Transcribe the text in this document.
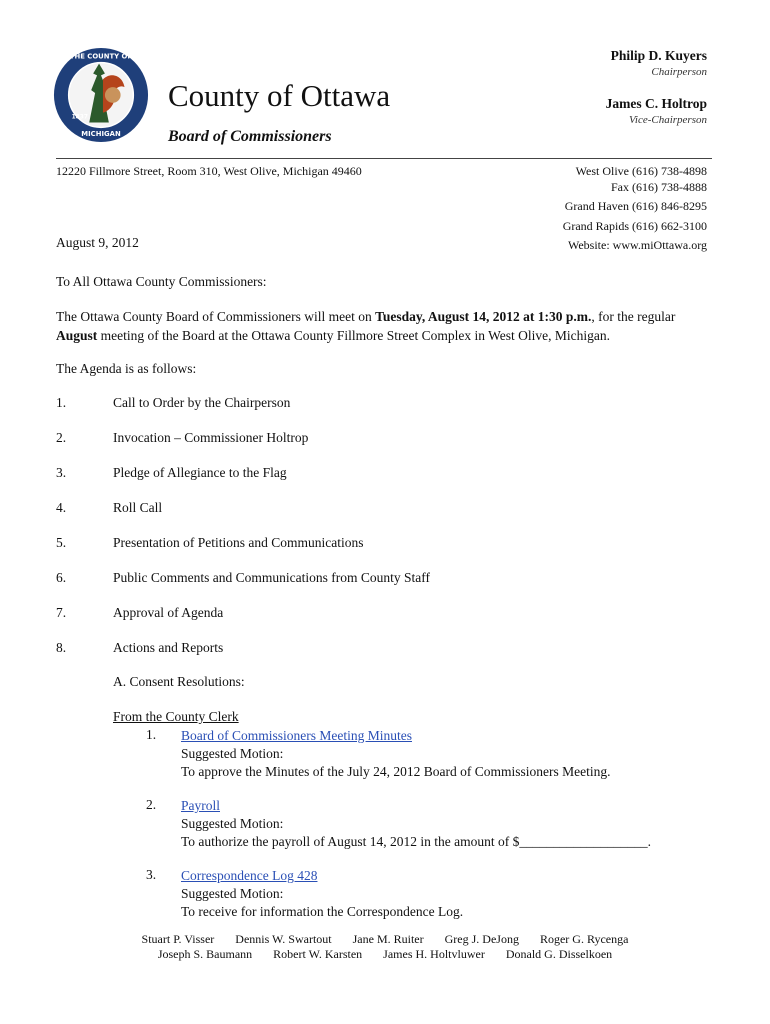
SEAL OF THE COUNTY OF OTTAWA
1837
MICHIGAN
County of Ottawa
Board of Commissioners
Philip D. Kuyers
Chairperson
James C. Holtrop
Vice-Chairperson
12220 Fillmore Street, Room 310, West Olive, Michigan 49460	West Olive (616) 738-4898
Fax (616) 738-4888
Grand Haven (616) 846-8295
Grand Rapids (616) 662-3100
Website: www.miOttawa.org
August 9, 2012
To All Ottawa County Commissioners:
The Ottawa County Board of Commissioners will meet on Tuesday, August 14, 2012 at 1:30 p.m., for the regular August meeting of the Board at the Ottawa County Fillmore Street Complex in West Olive, Michigan.
The Agenda is as follows:
1.	Call to Order by the Chairperson
2.	Invocation – Commissioner Holtrop
3.	Pledge of Allegiance to the Flag
4.	Roll Call
5.	Presentation of Petitions and Communications
6.	Public Comments and Communications from County Staff
7.	Approval of Agenda
8.	Actions and Reports
A. Consent Resolutions:
From the County Clerk
1. Board of Commissioners Meeting Minutes
Suggested Motion:
To approve the Minutes of the July 24, 2012 Board of Commissioners Meeting.
2. Payroll
Suggested Motion:
To authorize the payroll of August 14, 2012 in the amount of $___________________.
3. Correspondence Log 428
Suggested Motion:
To receive for information the Correspondence Log.
Stuart P. Visser Dennis W. Swartout Jane M. Ruiter Greg J. DeJong Roger G. Rycenga
Joseph S. Baumann Robert W. Karsten James H. Holtvluwer Donald G. Disselkoen
